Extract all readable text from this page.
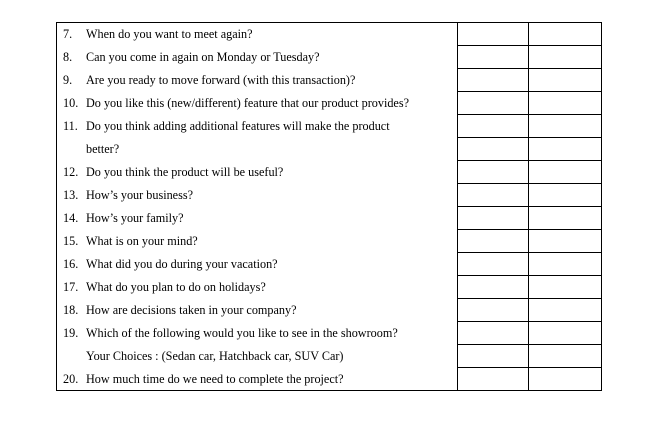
7. When do you want to meet again?		
8. Can you come in again on Monday or Tuesday?		
9. Are you ready to move forward (with this transaction)?		
10. Do you like this (new/different) feature that our product provides?		
11. Do you think adding additional features will make the product		
better?		
12. Do you think the product will be useful?		
13. How’s your business?		
14. How’s your family?		
15. What is on your mind?		
16. What did you do during your vacation?		
17. What do you plan to do on holidays?		
18. How are decisions taken in your company?		
19. Which of the following would you like to see in the showroom?		
Your Choices : (Sedan car, Hatchback car, SUV Car)		
20. How much time do we need to complete the project?		
